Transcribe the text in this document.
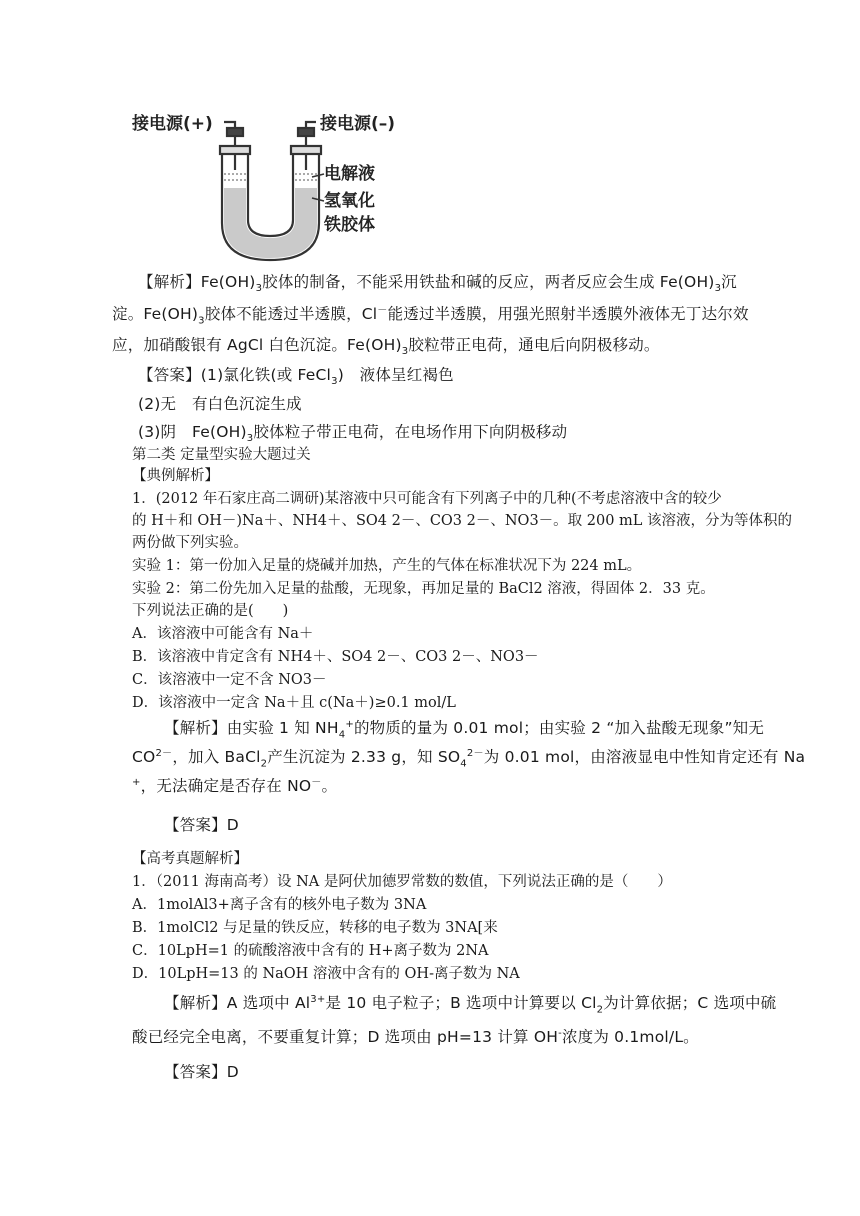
接电源(+)	接电源(–)
电解液
氢氧化
铁胶体
【解析】$Fe(OH)_3$胶体的制备，不能采用铁盐和碱的反应，两者反应会生成 $Fe(OH)_3$沉
淀。$Fe(OH)_3$胶体不能透过半透膜，Cl－能透过半透膜，用强光照射半透膜外液体无丁达尔效
应，加硝酸银有 AgCl 白色沉淀。$Fe(OH)_3$胶粒带正电荷，通电后向阴极移动。
【答案】(1)氯化铁(或 FeCl$_3$)　液体呈红褐色
(2)无　有白色沉淀生成
(3)阴　$Fe(OH)_3$胶体粒子带正电荷，在电场作用下向阴极移动
第二类 定量型实验大题过关
【典例解析】
1．(2012 年石家庄高二调研)某溶液中只可能含有下列离子中的几种(不考虑溶液中含的较少
的 H＋和 OH－)Na＋、NH4＋、SO4 2－、CO3 2－、NO3－。取 200 mL 该溶液，分为等体积的
两份做下列实验。
实验 1：第一份加入足量的烧碱并加热，产生的气体在标准状况下为 224 mL。
实验 2：第二份先加入足量的盐酸，无现象，再加足量的 BaCl2 溶液，得固体 2．33 克。
下列说法正确的是(　　)
A．该溶液中可能含有 Na＋
B．该溶液中肯定含有 NH4＋、SO4 2－、CO3 2－、NO3－
C．该溶液中一定不含 NO3－
D．该溶液中一定含 Na＋且 c(Na＋)≥0.1 mol/L
【解析】由实验 1 知 $NH_4^+$的物质的量为 0.01 mol；由实验 2 “加入盐酸无现象”知无
$CO^{2-}$，加入 BaCl$_2$产生沉淀为 2.33 g，知 $SO_4^{2-}$为 0.01 mol，由溶液显电中性知肯定还有 Na
+，无法确定是否存在 NO－。
【答案】D
【高考真题解析】
1．（2011 海南高考）设 NA 是阿伏加德罗常数的数值，下列说法正确的是（　　）
A．1molAl3+离子含有的核外电子数为 3NA
B．1molCl2 与足量的铁反应，转移的电子数为 3NA[来
C．10LpH=1 的硫酸溶液中含有的 H+离子数为 2NA
D．10LpH=13 的 NaOH 溶液中含有的 OH-离子数为 NA
【解析】A 选项中 $Al^{3+}$是 10 电子粒子；B 选项中计算要以 $Cl_2$为计算依据；C 选项中硫
酸已经完全电离，不要重复计算；D 选项由 pH=13 计算 OH-浓度为 0.1mol/L。
【答案】D
